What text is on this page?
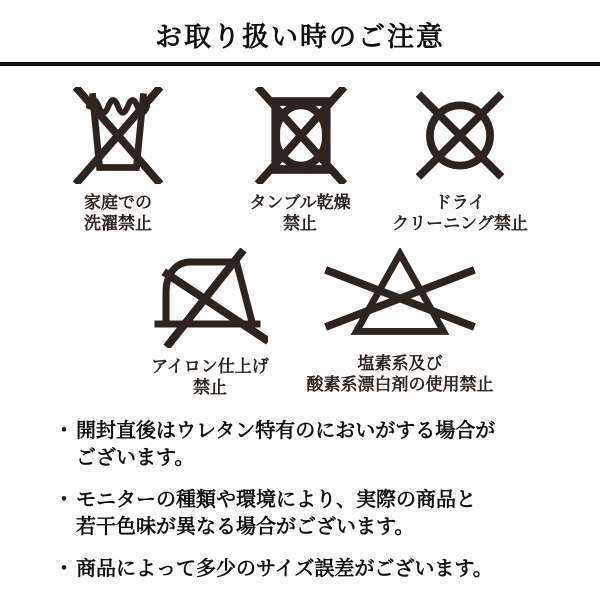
お取り扱い時のご注意
家庭での
洗濯禁止
タンブル乾燥
禁止
ドライ
クリーニング禁止
アイロン仕上げ
禁止
塩素系及び
酸素系漂白剤の使用禁止
・ 開封直後はウレタン特有のにおいがする場合が
ございます。
・ モニターの種類や環境により、実際の商品と
若干色味が異なる場合がございます。
・ 商品によって多少のサイズ誤差がございます。
